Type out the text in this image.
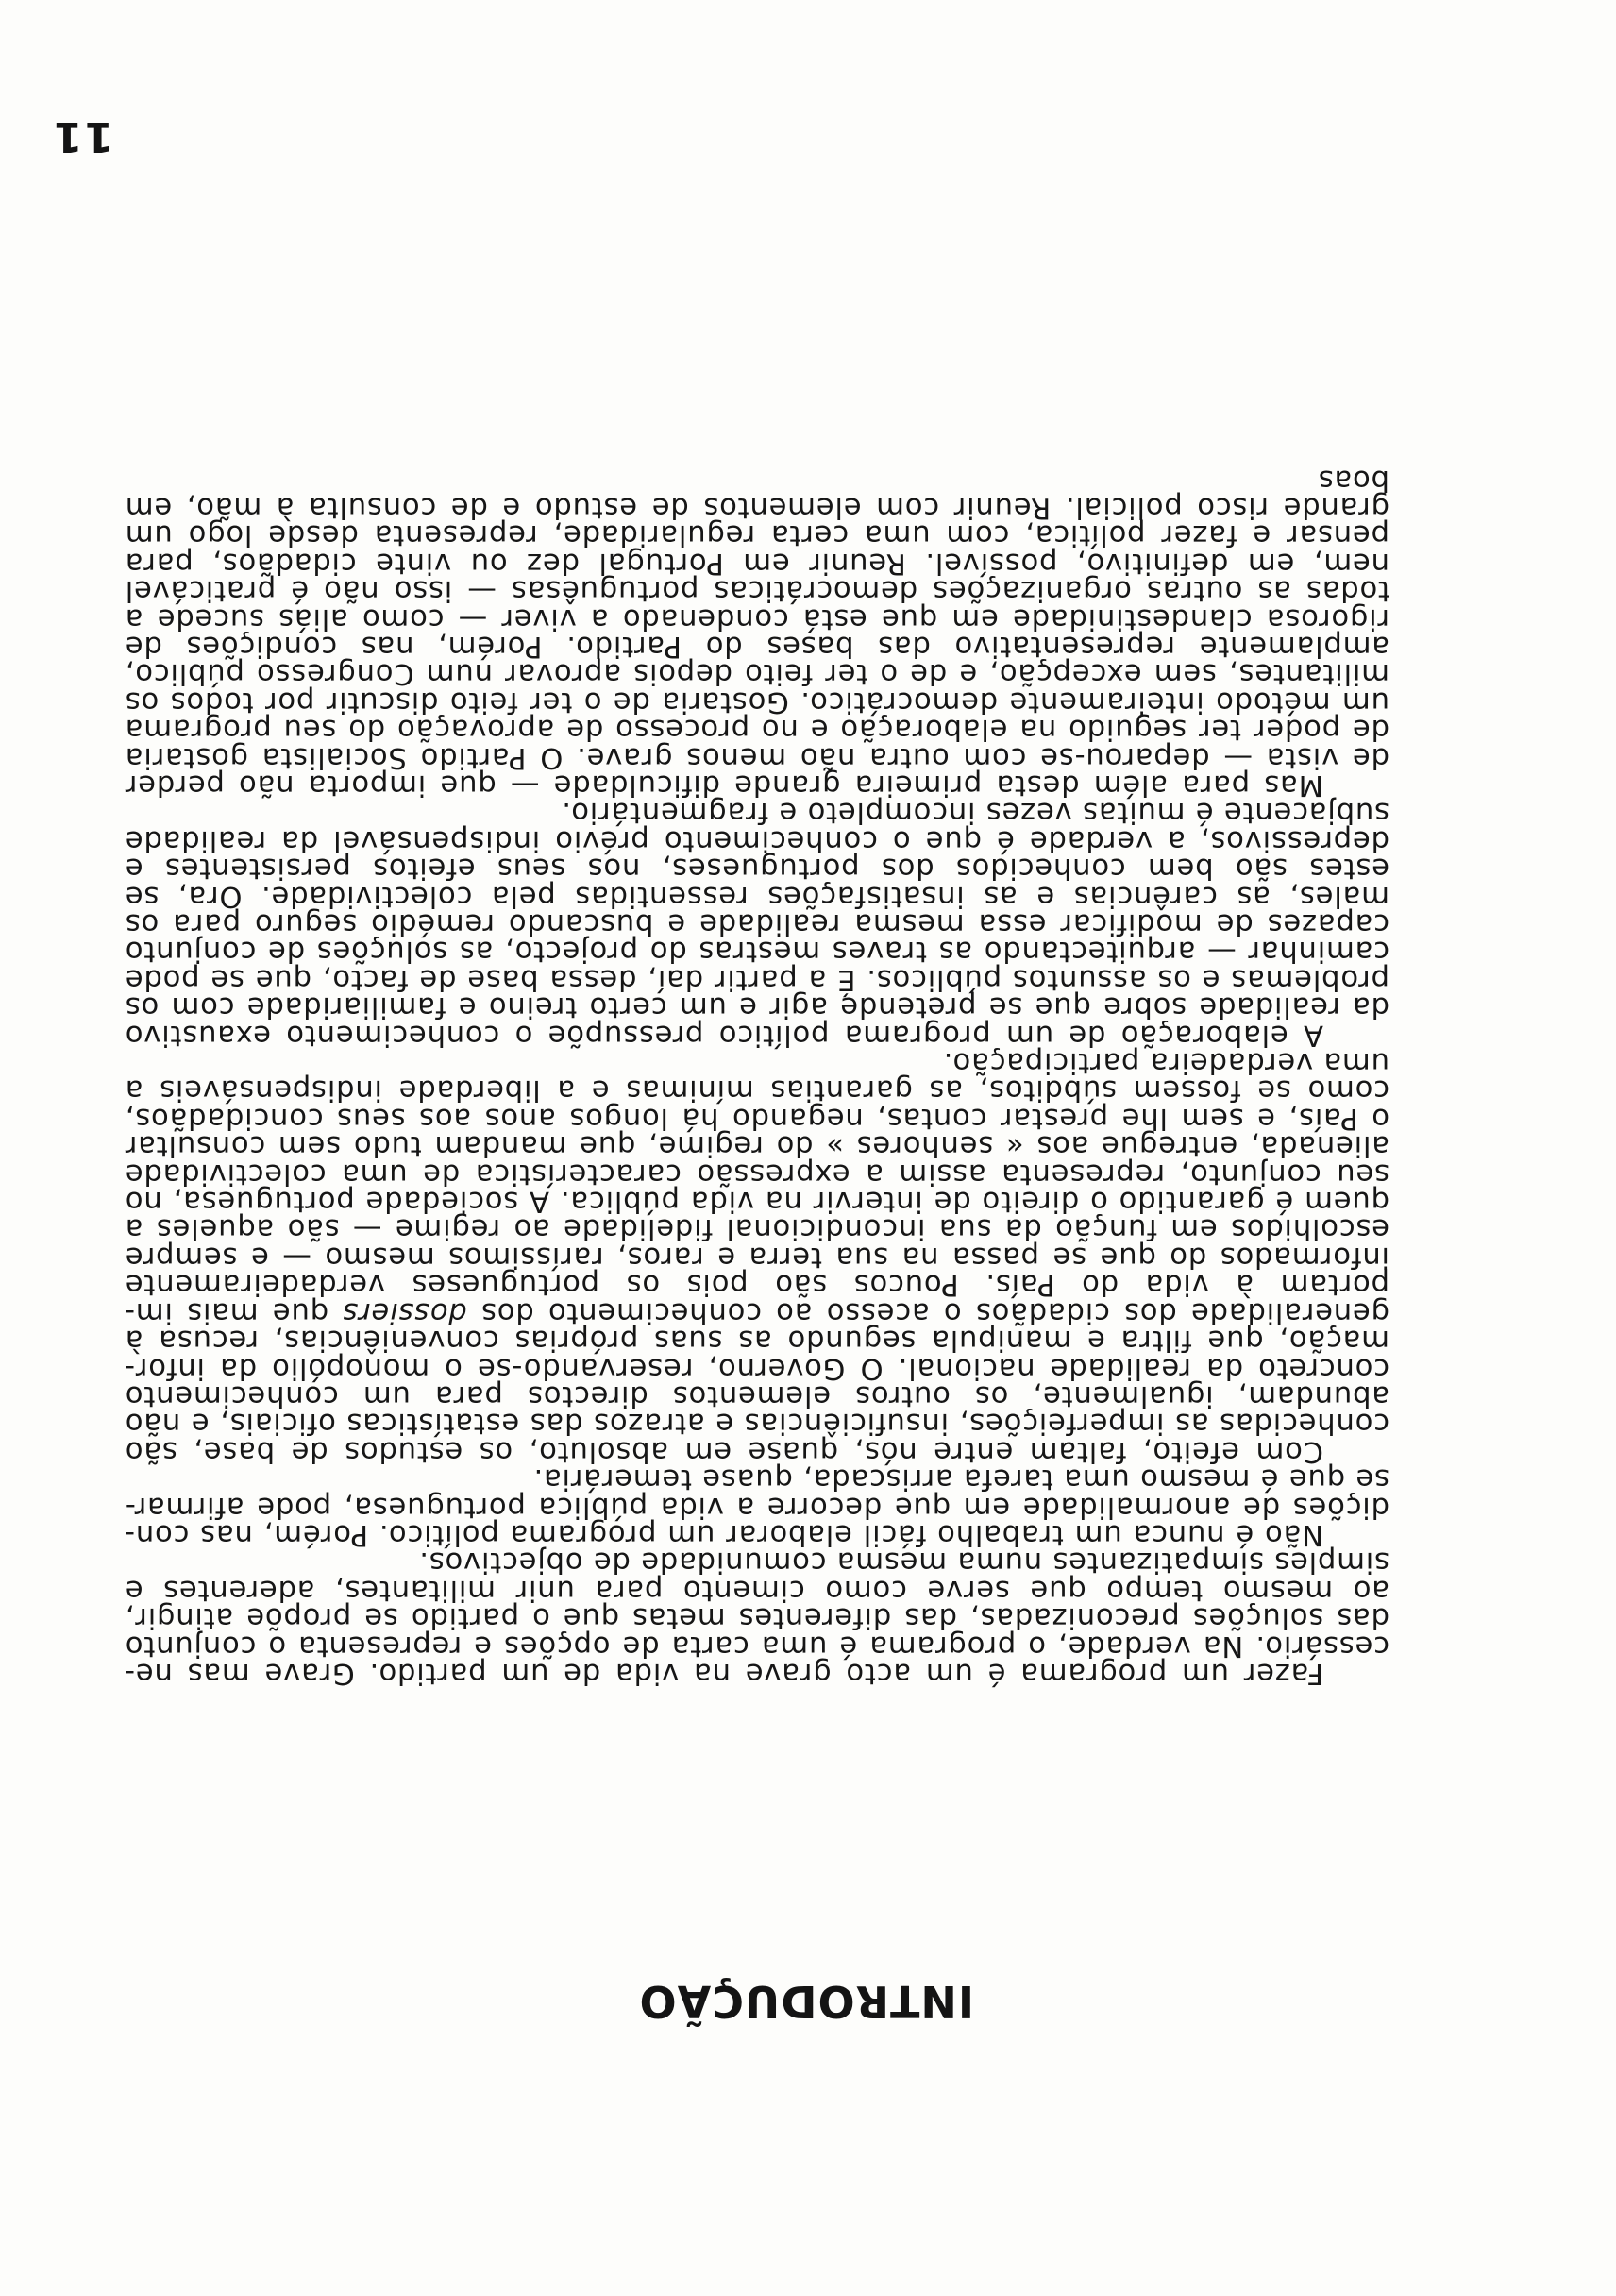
11
INTRODUÇÃO

Fazer um programa é um acto grave na vida de um partido. Grave mas necessário. Na verdade, o programa é uma carta de opções e representa o conjunto das soluções preconizadas, das diferentes metas que o partido se propõe atingir, ao mesmo tempo que serve como cimento para unir militantes, aderentes e simples simpatizantes numa mesma comunidade de objectivos.

Não é nunca um trabalho fácil elaborar um programa político. Porém, nas condições de anormalidade em que decorre a vida pública portuguesa, pode afirmar-se que é mesmo uma tarefa arriscada, quase temerária.

Com efeito, faltam entre nós, quase em absoluto, os estudos de base, são conhecidas as imperfeições, insuficiências e atrazos das estatísticas oficiais, e não abundam, igualmente, os outros elementos directos para um conhecimento concreto da realidade nacional. O Governo, reservando-se o monopólio da informação, que filtra e manipula segundo as suas próprias conveniências, recusa à generalidade dos cidadãos o acesso ao conhecimento dos dossiers que mais importam à vida do País. Poucos são pois os portugueses verdadeiramente informados do que se passa na sua terra e raros, raríssimos mesmo — e sempre escolhidos em função da sua incondicional fidelidade ao regime — são aqueles a quem é garantido o direito de intervir na vida pública. A sociedade portuguesa, no seu conjunto, representa assim a expressão característica de uma colectividade alienada, entregue aos « senhores » do regime, que mandam tudo sem consultar o País, e sem lhe prestar contas, negando há longos anos aos seus concidadãos, como se fossem súbditos, as garantias mínimas e a liberdade indispensáveis a uma verdadeira participação.

A elaboração de um programa político pressupõe o conhecimento exaustivo da realidade sobre que se pretende agir e um certo treino e familiaridade com os problemas e os assuntos públicos. É a partir daí, dessa base de facto, que se pode caminhar — arquitectando as traves mestras do projecto, as soluções de conjunto capazes de modificar essa mesma realidade e buscando remédio seguro para os males, as carências e as insatisfações ressentidas pela colectividade. Ora, se estes são bem conhecidos dos portugueses, nos seus efeitos persistentes e depressivos, a verdade é que o conhecimento prévio indispensável da realidade subjacente é muitas vezes incompleto e fragmentário.

Mas para além desta primeira grande dificuldade — que importa não perder de vista — deparou-se com outra não menos grave. O Partido Socialista gostaria de poder ter seguido na elaboração e no processo de aprovação do seu programa um método inteiramente democrático. Gostaria de o ter feito discutir por todos os militantes, sem excepção, e de o ter feito depois aprovar num Congresso público, amplamente representativo das bases do Partido. Porém, nas condições de rigorosa clandestinidade em que está condenado a viver — como aliás sucede a todas as outras organizações democráticas portuguêsas — isso não é praticável nem, em definitivo, possível. Reunir em Portugal dez ou vinte cidadãos, para pensar e fazer política, com uma certa regularidade, representa desde logo um grande risco policial. Reunir com elementos de estudo e de consulta à mão, em boas
